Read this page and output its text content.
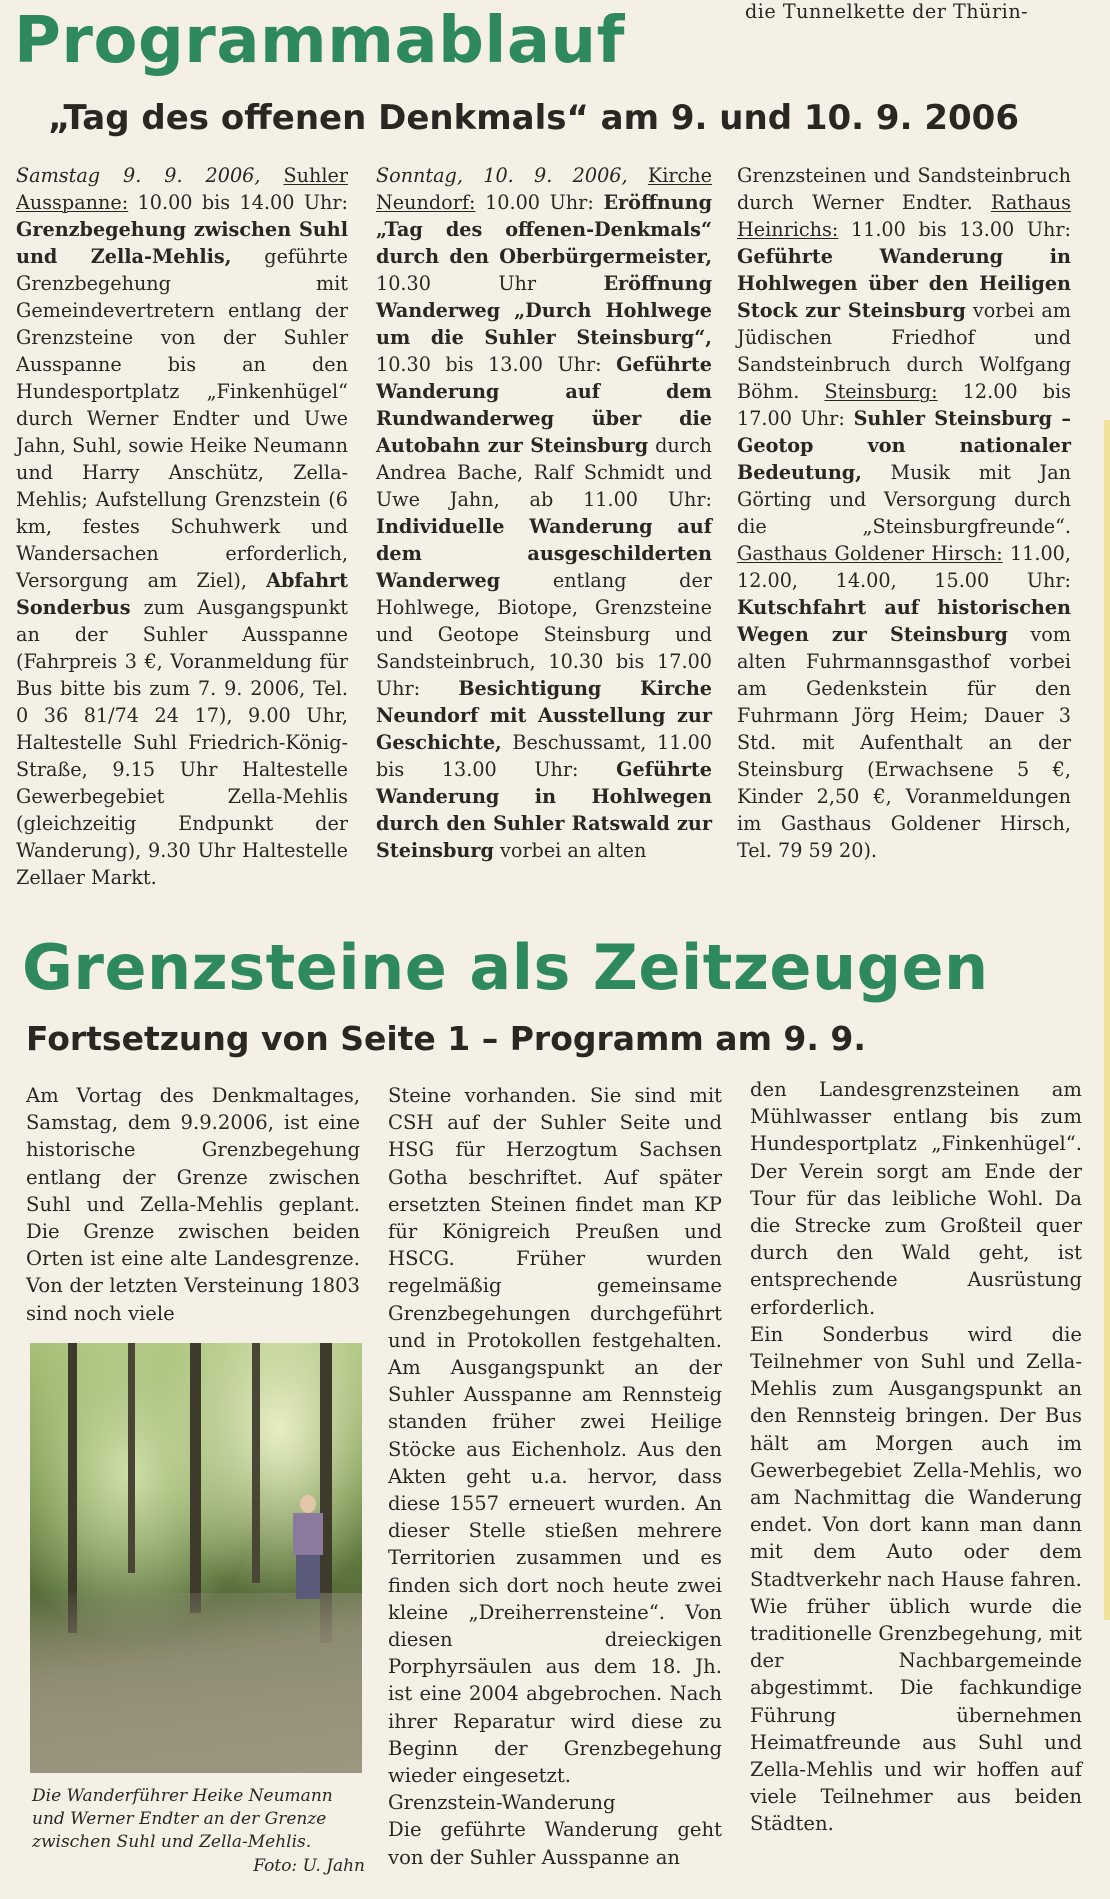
die Tunnelkette der Thürin-
Programmablauf
„Tag des offenen Denkmals“ am 9. und 10. 9. 2006

Samstag 9. 9. 2006, Suhler Ausspanne: 10.00 bis 14.00 Uhr: Grenzbegehung zwischen Suhl und Zella-Mehlis, geführte Grenzbegehung mit Gemeindevertretern entlang der Grenzsteine von der Suhler Ausspanne bis an den Hundesportplatz „Finkenhügel“ durch Werner Endter und Uwe Jahn, Suhl, sowie Heike Neumann und Harry Anschütz, Zella-Mehlis; Aufstellung Grenzstein (6 km, festes Schuhwerk und Wandersachen erforderlich, Versorgung am Ziel), Abfahrt Sonderbus zum Ausgangspunkt an der Suhler Ausspanne (Fahrpreis 3 €, Voranmeldung für Bus bitte bis zum 7. 9. 2006, Tel. 0 36 81/74 24 17), 9.00 Uhr, Haltestelle Suhl Friedrich-König-Straße, 9.15 Uhr Haltestelle Gewerbegebiet Zella-Mehlis (gleichzeitig Endpunkt der Wanderung), 9.30 Uhr Haltestelle Zellaer Markt.

Sonntag, 10. 9. 2006, Kirche Neundorf: 10.00 Uhr: Eröffnung „Tag des offenen-Denkmals“ durch den Oberbürgermeister, 10.30 Uhr Eröffnung Wanderweg „Durch Hohlwege um die Suhler Steinsburg“, 10.30 bis 13.00 Uhr: Geführte Wanderung auf dem Rundwanderweg über die Autobahn zur Steinsburg durch Andrea Bache, Ralf Schmidt und Uwe Jahn, ab 11.00 Uhr: Individuelle Wanderung auf dem ausgeschilderten Wanderweg entlang der Hohlwege, Biotope, Grenzsteine und Geotope Steinsburg und Sandsteinbruch, 10.30 bis 17.00 Uhr: Besichtigung Kirche Neundorf mit Ausstellung zur Geschichte, Beschussamt, 11.00 bis 13.00 Uhr: Geführte Wanderung in Hohlwegen durch den Suhler Ratswald zur Steinsburg vorbei an alten

Grenzsteinen und Sandsteinbruch durch Werner Endter. Rathaus Heinrichs: 11.00 bis 13.00 Uhr: Geführte Wanderung in Hohlwegen über den Heiligen Stock zur Steinsburg vorbei am Jüdischen Friedhof und Sandsteinbruch durch Wolfgang Böhm. Steinsburg: 12.00 bis 17.00 Uhr: Suhler Steinsburg – Geotop von nationaler Bedeutung, Musik mit Jan Görting und Versorgung durch die „Steinsburgfreunde“. Gasthaus Goldener Hirsch: 11.00, 12.00, 14.00, 15.00 Uhr: Kutschfahrt auf historischen Wegen zur Steinsburg vom alten Fuhrmannsgasthof vorbei am Gedenkstein für den Fuhrmann Jörg Heim; Dauer 3 Std. mit Aufenthalt an der Steinsburg (Erwachsene 5 €, Kinder 2,50 €, Voranmeldungen im Gasthaus Goldener Hirsch, Tel. 79 59 20).

Grenzsteine als Zeitzeugen
Fortsetzung von Seite 1 – Programm am 9. 9.

Am Vortag des Denkmaltages, Samstag, dem 9.9.2006, ist eine historische Grenzbegehung entlang der Grenze zwischen Suhl und Zella-Mehlis geplant. Die Grenze zwischen beiden Orten ist eine alte Landesgrenze. Von der letzten Versteinung 1803 sind noch viele

Die Wanderführer Heike Neumann und Werner Endter an der Grenze zwischen Suhl und Zella-Mehlis.
Foto: U. Jahn

Steine vorhanden. Sie sind mit CSH auf der Suhler Seite und HSG für Herzogtum Sachsen Gotha beschriftet. Auf später ersetzten Steinen findet man KP für Königreich Preußen und HSCG. Früher wurden regelmäßig gemeinsame Grenzbegehungen durchgeführt und in Protokollen festgehalten. Am Ausgangspunkt an der Suhler Ausspanne am Rennsteig standen früher zwei Heilige Stöcke aus Eichenholz. Aus den Akten geht u.a. hervor, dass diese 1557 erneuert wurden. An dieser Stelle stießen mehrere Territorien zusammen und es finden sich dort noch heute zwei kleine „Dreiherrensteine“. Von diesen dreieckigen Porphyrsäulen aus dem 18. Jh. ist eine 2004 abgebrochen. Nach ihrer Reparatur wird diese zu Beginn der Grenzbegehung wieder eingesetzt.

Grenzstein-Wanderung

Die geführte Wanderung geht von der Suhler Ausspanne an

den Landesgrenzsteinen am Mühlwasser entlang bis zum Hundesportplatz „Finkenhügel“. Der Verein sorgt am Ende der Tour für das leibliche Wohl. Da die Strecke zum Großteil quer durch den Wald geht, ist entsprechende Ausrüstung erforderlich.

Ein Sonderbus wird die Teilnehmer von Suhl und Zella-Mehlis zum Ausgangspunkt an den Rennsteig bringen. Der Bus hält am Morgen auch im Gewerbegebiet Zella-Mehlis, wo am Nachmittag die Wanderung endet. Von dort kann man dann mit dem Auto oder dem Stadtverkehr nach Hause fahren.

Wie früher üblich wurde die traditionelle Grenzbegehung, mit der Nachbargemeinde abgestimmt. Die fachkundige Führung übernehmen Heimatfreunde aus Suhl und Zella-Mehlis und wir hoffen auf viele Teilnehmer aus beiden Städten.
